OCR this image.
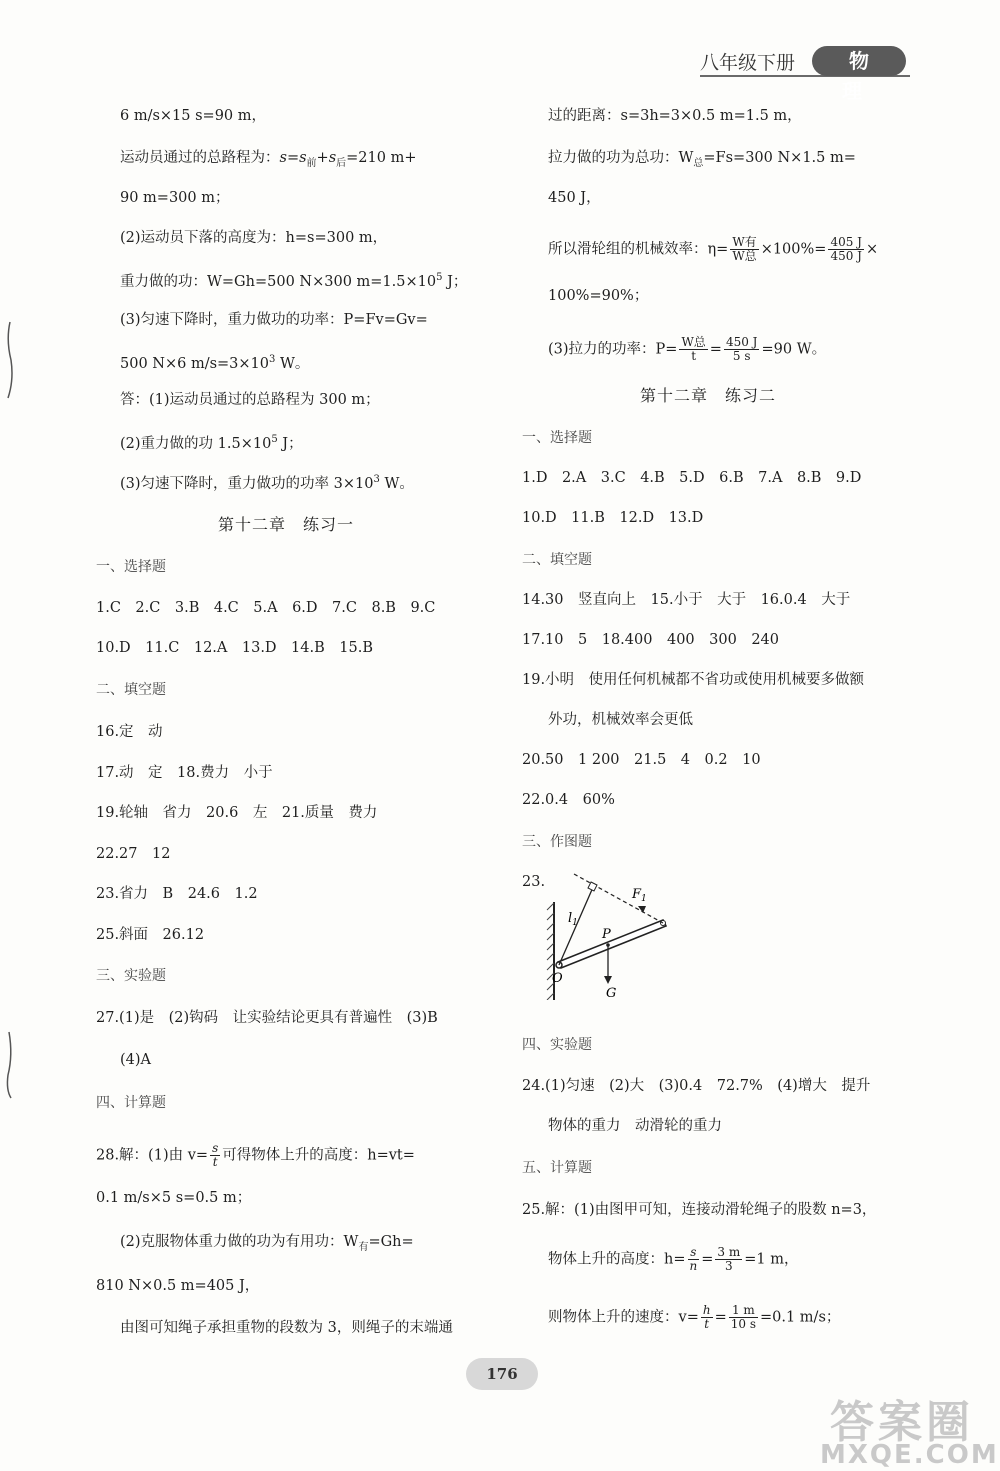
八年级下册	物 理
6 m/s×15 s=90 m，
运动员通过的总路程为：$s=s_前+s_后=210$ m+
90 m=300 m；
(2)运动员下落的高度为：h=s=300 m，
重力做的功：W=Gh=500 N×300 $m=1.5\times 10^5$ J；
(3)匀速下降时，重力做功的功率：P=Fv=Gv=
500 N×6 $m/s=3\times 10^3$ W。
答：(1)运动员通过的总路程为 300 m；
(2)重力做的功 $1.5\times 10^5$ J；
(3)匀速下降时，重力做功的功率 $3\times 10^3$ W。
第十二章　练习一
一、选择题
1.C　2.C　3.B　4.C　5.A　6.D　7.C　8.B　9.C
10.D　11.C　12.A　13.D　14.B　15.B
二、填空题
16.定　动
17.动　定　18.费力　小于
19.轮轴　省力　20.6　左　21.质量　费力
22.27　12
23.省力　B　24.6　1.2
25.斜面　26.12
三、实验题
27.(1)是　(2)钩码　让实验结论更具有普遍性　(3)B
(4)A
四、计算题
28.解：(1)由 $v= \frac{s}{t}$ 可得物体上升的高度：h=vt=
0.1 m/s×5 s=0.5 m；
(2)克服物体重力做的功为有用功：$W_有=Gh=$
810 N×0.5 m=405 J，
由图可知绳子承担重物的段数为 3，则绳子的末端通
过的距离：s=3h=3×0.5 m=1.5 m，
拉力做的功为总功：$W_总=Fs=300$ N×1.5 m=
450 J，
所以滑轮组的机械效率：$\eta= \frac{\text{W有}}{\text{W总}} \times 100\%= \frac{405 J}{450 J}$ ×
100%=90%；
(3)拉力的功率：$P= \frac{\text{W总}}{t} = \frac{450 J}{5 s} =90$ W。
第十二章　练习二
一、选择题
1.D　2.A　3.C　4.B　5.D　6.B　7.A　8.B　9.D
10.D　11.B　12.D　13.D
二、填空题
14.30　竖直向上　15.小于　大于　16.0.4　大于
17.10　5　18.400　400　300　240
19.小明　使用任何机械都不省功或使用机械要多做额
外功，机械效率会更低
20.50　1 200　21.5　4　0.2　10
22.0.4　60%
三、作图题
23.
四、实验题
24.(1)匀速　(2)大　(3)0.4　72.7%　(4)增大　提升
物体的重力　动滑轮的重力
五、计算题
25.解：(1)由图甲可知，连接动滑轮绳子的股数 n=3，
物体上升的高度：$h= \frac{s}{n} = \frac{3 m}{3} =1$ m，
则物体上升的速度：$v= \frac{h}{t} = \frac{1 m}{10 s} =0.1$ m/s；
$l_1$
$F_1$
P
O
G
176
答案圈
MXQE.COM
